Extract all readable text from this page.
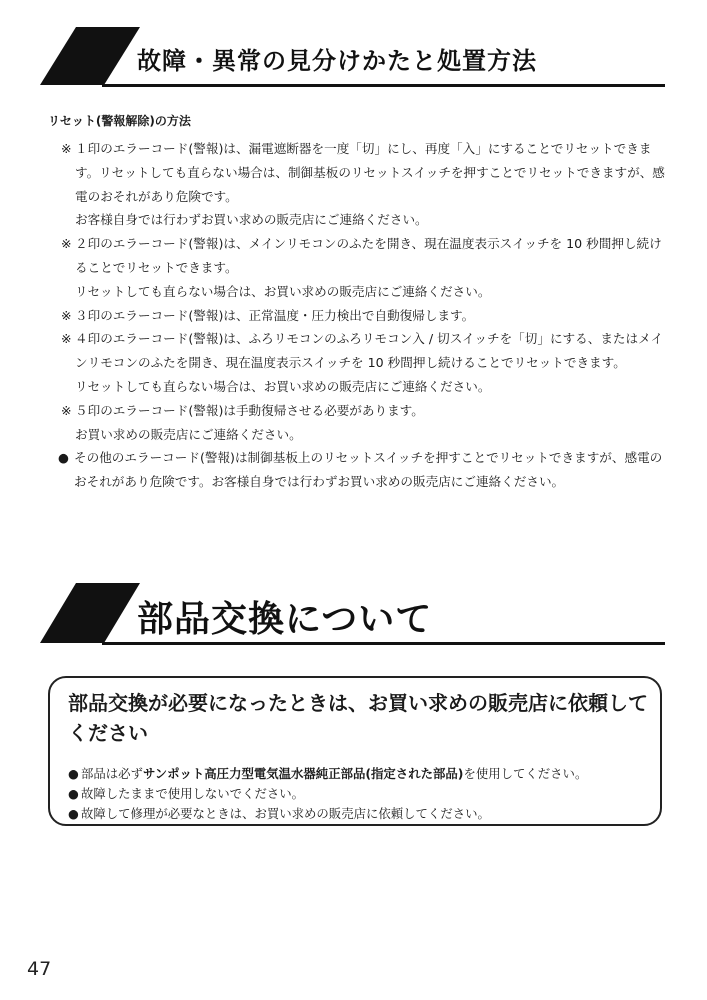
故障・異常の見分けかたと処置方法
リセット(警報解除)の方法
※ １印のエラーコード(警報)は、漏電遮断器を一度「切」にし、再度「入」にすることでリセットできます。リセットしても直らない場合は、制御基板のリセットスイッチを押すことでリセットできますが、感電のおそれがあり危険です。

お客様自身では行わずお買い求めの販売店にご連絡ください。

※ ２印のエラーコード(警報)は、メインリモコンのふたを開き、現在温度表示スイッチを 10 秒間押し続けることでリセットできます。

リセットしても直らない場合は、お買い求めの販売店にご連絡ください。

※ ３印のエラーコード(警報)は、正常温度・圧力検出で自動復帰します。

※ ４印のエラーコード(警報)は、ふろリモコンのふろリモコン入 / 切スイッチを「切」にする、またはメインリモコンのふたを開き、現在温度表示スイッチを 10 秒間押し続けることでリセットできます。

リセットしても直らない場合は、お買い求めの販売店にご連絡ください。

※ ５印のエラーコード(警報)は手動復帰させる必要があります。

お買い求めの販売店にご連絡ください。

● その他のエラーコード(警報)は制御基板上のリセットスイッチを押すことでリセットできますが、感電のおそれがあり危険です。お客様自身では行わずお買い求めの販売店にご連絡ください。

部品交換について
部品交換が必要になったときは、お買い求めの販売店に依頼してください
● 部品は必ずサンポット高圧力型電気温水器純正部品(指定された部品)を使用してください。
● 故障したままで使用しないでください。
● 故障して修理が必要なときは、お買い求めの販売店に依頼してください。
47
